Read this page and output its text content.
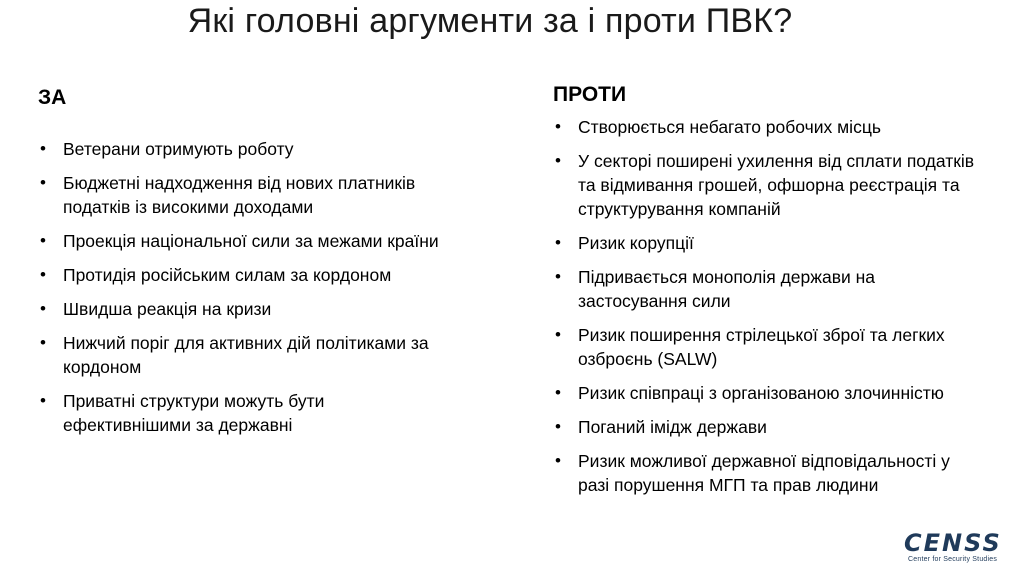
Які головні аргументи за і проти ПВК?
ЗА
• Ветерани отримують роботу
• Бюджетні надходження від нових платників податків із високими доходами
• Проекція національної сили за межами країни
• Протидія російським силам за кордоном
• Швидша реакція на кризи
• Нижчий поріг для активних дій політиками за кордоном
• Приватні структури можуть бути ефективнішими за державні
ПРОТИ
• Створюється небагато робочих місць
• У секторі поширені ухилення від сплати податків та відмивання грошей, офшорна реєстрація та структурування компаній
• Ризик корупції
• Підривається монополія держави на застосування сили
• Ризик поширення стрілецької зброї та легких озброєнь (SALW)
• Ризик співпраці з організованою злочинністю
• Поганий імідж держави
• Ризик можливої державної відповідальності у разі порушення МГП та прав людини
CENSS
Center for Security Studies
